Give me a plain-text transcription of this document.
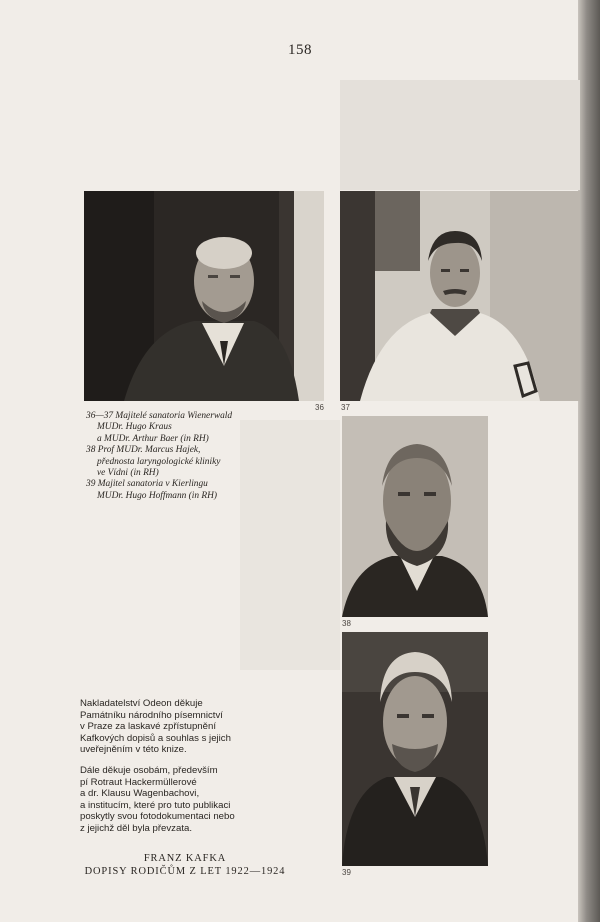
158
36 37
36—37 Majitelé sanatoria Wienerwald
MUDr. Hugo Kraus
a MUDr. Arthur Baer (in RH)
38 Prof MUDr. Marcus Hajek,
přednosta laryngologické kliniky
ve Vídni (in RH)
39 Majitel sanatoria v Kierlingu
MUDr. Hugo Hoffmann (in RH)
38
39
Nakladatelství Odeon děkuje
Památníku národního písemnictví
v Praze za laskavé zpřístupnění
Kafkových dopisů a souhlas s jejich
uveřejněním v této knize.
Dále děkuje osobám, především
pí Rotraut Hackermüllerové
a dr. Klausu Wagenbachovi,
a institucím, které pro tuto publikaci
poskytly svou fotodokumentaci nebo
z jejichž děl byla převzata.
FRANZ KAFKA
DOPISY RODIČŮM Z LET 1922—1924
